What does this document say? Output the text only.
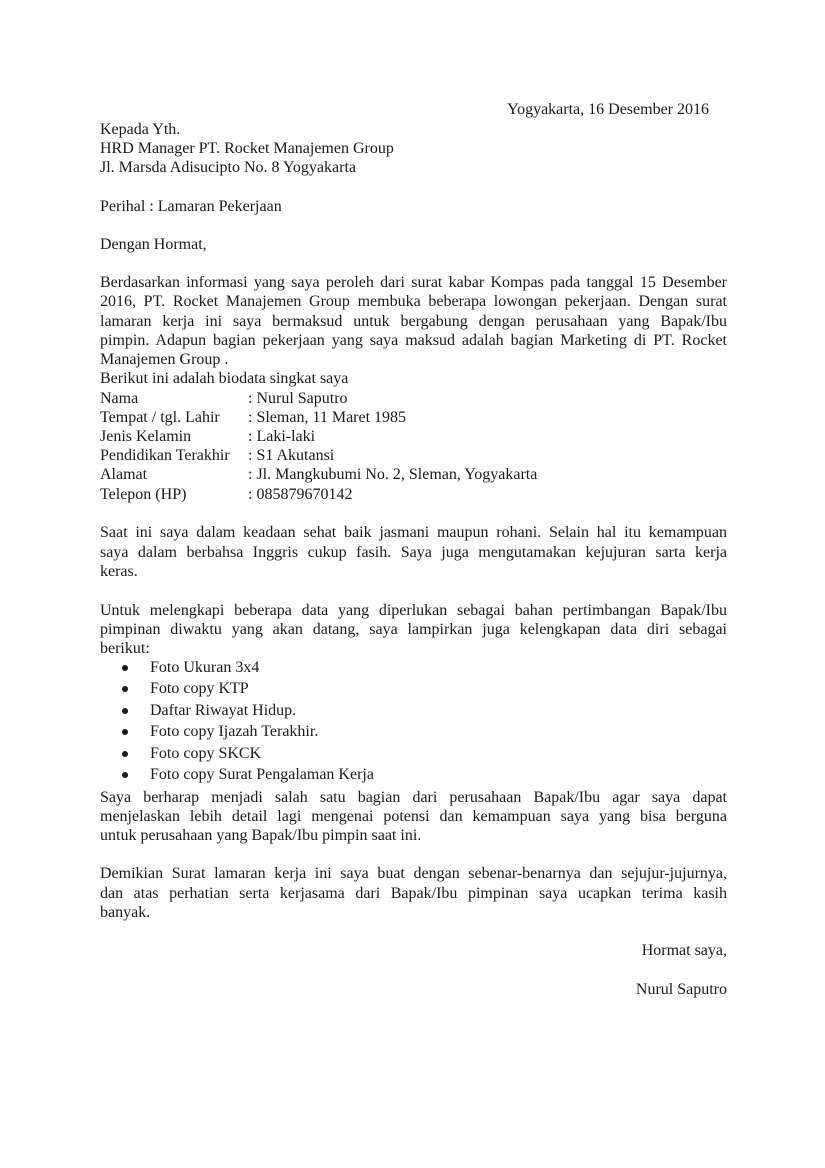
Yogyakarta, 16 Desember 2016
Kepada Yth.
HRD Manager PT. Rocket Manajemen Group
Jl. Marsda Adisucipto No. 8 Yogyakarta
Perihal : Lamaran Pekerjaan
Dengan Hormat,
Berdasarkan informasi yang saya peroleh dari surat kabar Kompas pada tanggal 15 Desember
2016, PT. Rocket Manajemen Group membuka beberapa lowongan pekerjaan. Dengan surat
lamaran kerja ini saya bermaksud untuk bergabung dengan perusahaan yang Bapak/Ibu
pimpin. Adapun bagian pekerjaan yang saya maksud adalah bagian Marketing di PT. Rocket
Manajemen Group .
Berikut ini adalah biodata singkat saya
Nama	: Nurul Saputro
Tempat / tgl. Lahir : Sleman, 11 Maret 1985
Jenis Kelamin	: Laki-laki
Pendidikan Terakhir : S1 Akutansi
Alamat	: Jl. Mangkubumi No. 2, Sleman, Yogyakarta
Telepon (HP)	: 085879670142
Saat ini saya dalam keadaan sehat baik jasmani maupun rohani. Selain hal itu kemampuan
saya dalam berbahsa Inggris cukup fasih. Saya juga mengutamakan kejujuran sarta kerja
keras.
Untuk melengkapi beberapa data yang diperlukan sebagai bahan pertimbangan Bapak/Ibu
pimpinan diwaktu yang akan datang, saya lampirkan juga kelengkapan data diri sebagai
berikut:
Foto Ukuran 3x4
Foto copy KTP
Daftar Riwayat Hidup.
Foto copy Ijazah Terakhir.
Foto copy SKCK
Foto copy Surat Pengalaman Kerja
Saya berharap menjadi salah satu bagian dari perusahaan Bapak/Ibu agar saya dapat
menjelaskan lebih detail lagi mengenai potensi dan kemampuan saya yang bisa berguna
untuk perusahaan yang Bapak/Ibu pimpin saat ini.
Demikian Surat lamaran kerja ini saya buat dengan sebenar-benarnya dan sejujur-jujurnya,
dan atas perhatian serta kerjasama dari Bapak/Ibu pimpinan saya ucapkan terima kasih
banyak.
Hormat saya,
Nurul Saputro
